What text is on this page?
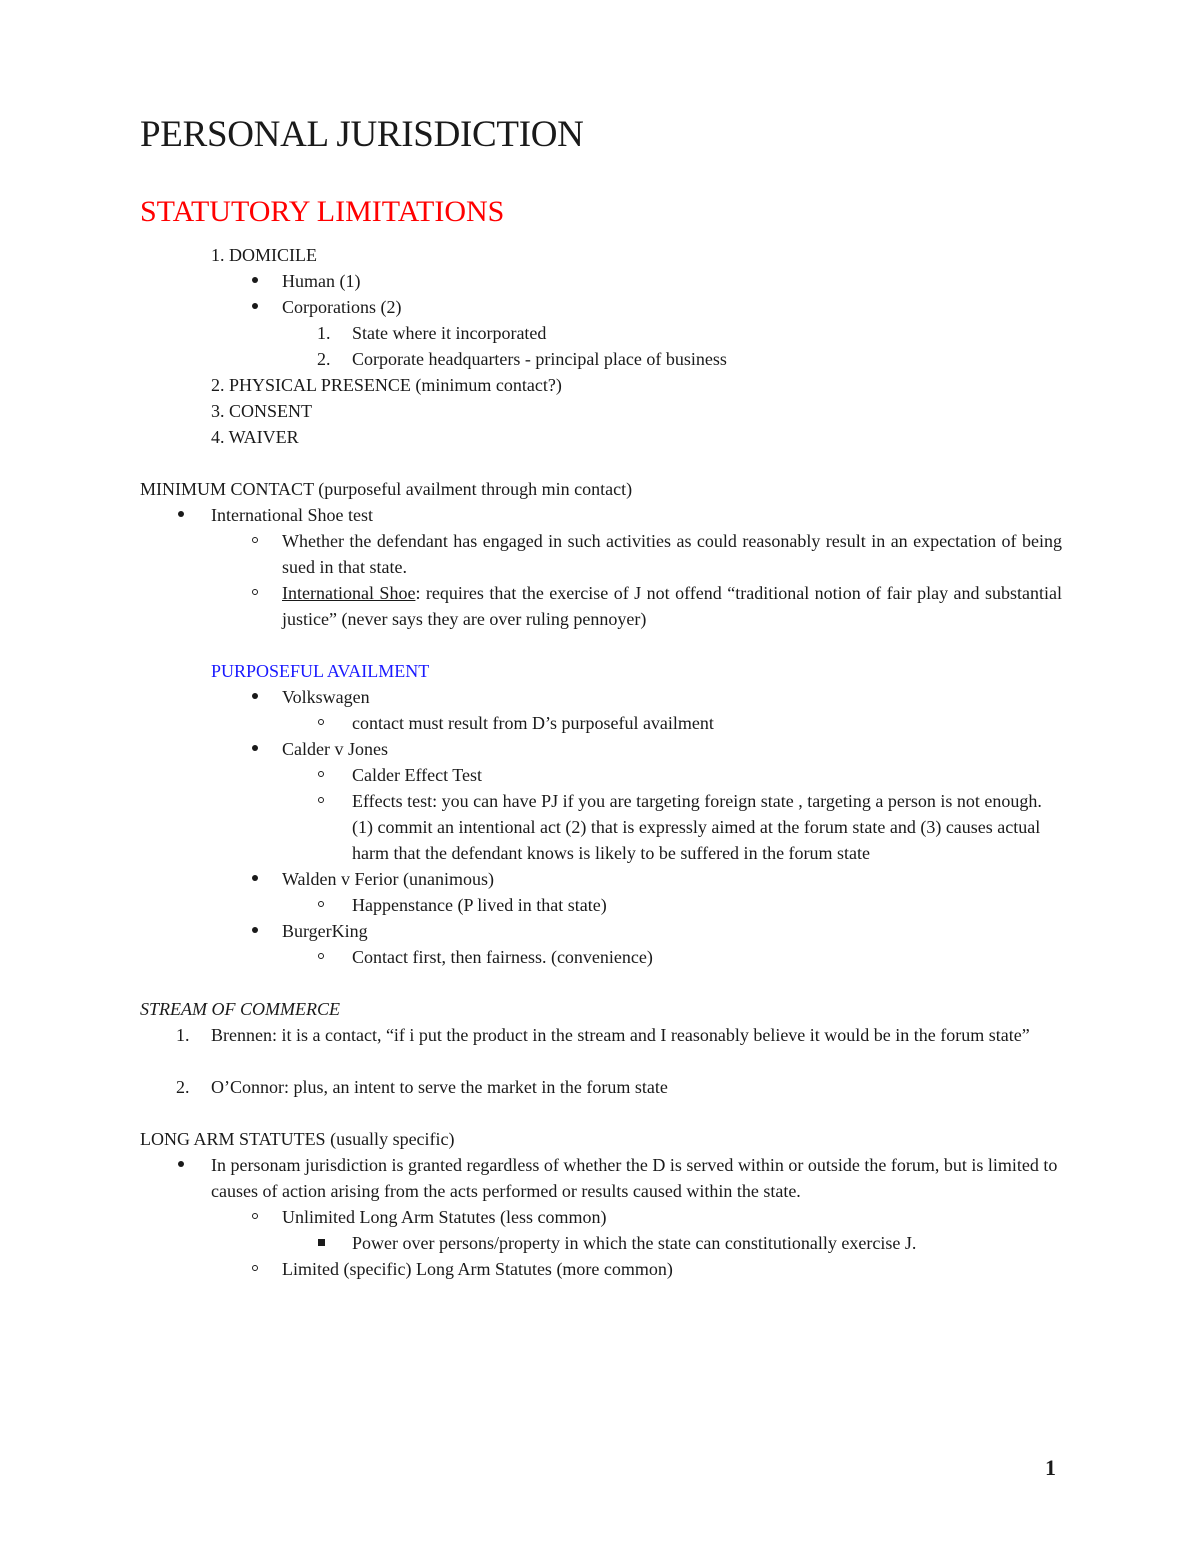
PERSONAL JURISDICTION
STATUTORY LIMITATIONS
1. DOMICILE
Human (1)
Corporations (2)
1. State where it incorporated
2. Corporate headquarters - principal place of business
2. PHYSICAL PRESENCE (minimum contact?)
3. CONSENT
4. WAIVER
MINIMUM CONTACT (purposeful availment through min contact)
International Shoe test
Whether the defendant has engaged in such activities as could reasonably result in an expectation of being sued in that state.
International Shoe: requires that the exercise of J not offend “traditional notion of fair play and substantial justice” (never says they are over ruling pennoyer)
PURPOSEFUL AVAILMENT
Volkswagen
contact must result from D’s purposeful availment
Calder v Jones
Calder Effect Test
Effects test: you can have PJ if you are targeting foreign state , targeting a person is not enough. (1) commit an intentional act (2) that is expressly aimed at the forum state and (3) causes actual harm that the defendant knows is likely to be suffered in the forum state
Walden v Ferior (unanimous)
Happenstance (P lived in that state)
BurgerKing
Contact first, then fairness. (convenience)
STREAM OF COMMERCE
1. Brennen: it is a contact, “if i put the product in the stream and I reasonably believe it would be in the forum state”
2. O’Connor: plus, an intent to serve the market in the forum state
LONG ARM STATUTES (usually specific)
In personam jurisdiction is granted regardless of whether the D is served within or outside the forum, but is limited to causes of action arising from the acts performed or results caused within the state.
Unlimited Long Arm Statutes (less common)
Power over persons/property in which the state can constitutionally exercise J.
Limited (specific) Long Arm Statutes (more common)
1
